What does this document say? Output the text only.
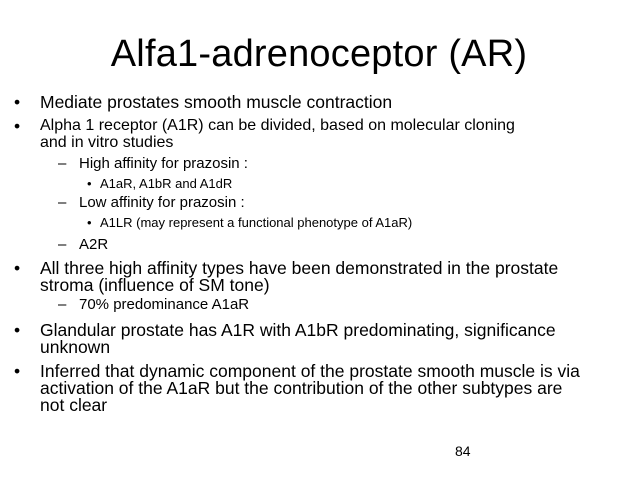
Alfa1-adrenoceptor (AR)
• Mediate prostates smooth muscle contraction
• Alpha 1 receptor (A1R) can be divided, based on molecular cloning
and in vitro studies
– High affinity for prazosin :
• A1aR, A1bR and A1dR
– Low affinity for prazosin :
• A1LR (may represent a functional phenotype of A1aR)
– A2R
• All three high affinity types have been demonstrated in the prostate
stroma (influence of SM tone)
– 70% predominance A1aR
• Glandular prostate has A1R with A1bR predominating, significance
unknown
• Inferred that dynamic component of the prostate smooth muscle is via
activation of the A1aR but the contribution of the other subtypes are
not clear
84
